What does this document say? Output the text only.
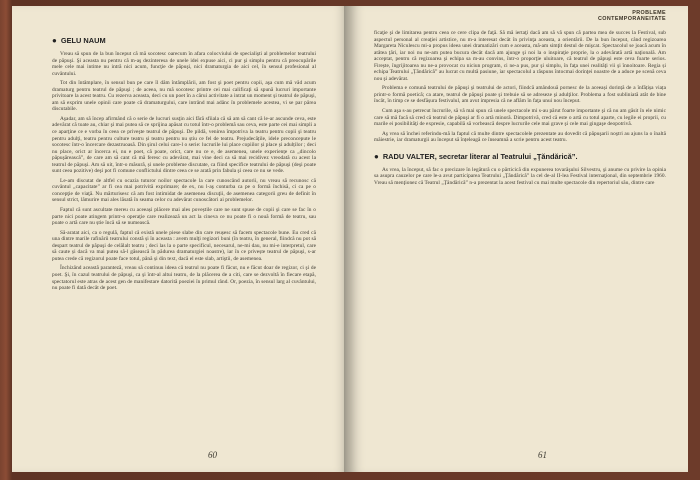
● GELU NAUM

Vreau să spun de la bun început că mă socotesc oarecum în afara colocviului de specialişti al problemelor teatrului de păpuşi. Şi aceasta nu pentru că m-aş dezinteresa de unele idei expuse aici, ci pur şi simplu pentru că preocupările mele cele mai intime nu intră nici acum, funcţie de păpuşi, nici dramaturgia de aici cel, în sensul profesional al cuvântului.

Tot din întâmplare, în sensul bun pe care îl dăm întâmplării, am fost şi poet pentru copii, aşa cum mă văd acum dramaturg pentru teatrul de păpuşi ; de aceea, nu mă socotesc printre cei mai calificaţi să spună lucruri importante privitoare la acest teatru. Cu rezerva aceasta, deci cu un poet în a cărui activitate a intrat un moment şi teatrul de păpuşi, am să exprim unele opinii care poate că dramaturgului, care intrând mai adânc în problemele acestea, vi se par pârea discutabile.

Aşadar, am să încep afirmând că o serie de lucruri susţin aici fără sfiiala că să am să cant că le-ar ascunde ceva, este adevărat că toate au, chiar şi mai putea să ce sprijina apăsat cu totul într-o problemă sau ceva, este parte cei mai simpli a ce aparţine ce e vorba în ceea ce priveşte teatrul de păpuşi. De pildă, venirea împotriva la teatru pentru copii şi teatru pentru adulţi, teatru pentru culture teatru și teatru pentru nu știu ce fel de teatru. Prejudecățile, idele preconcepute le socotesc într-o încercare dezastruoasă. Din şirul celui care-l o serie: lucrurile lui place copiilor și place și adulților ; deci nu place, orict ar încerca ei, nu e poet, că poate, orict, care nu ce e, de asemenea, unele experiențe ca „dincolo păpuşărească”, de care am să cant că mă feresc cu adevărat, mai vine deci ca să mai recidivez vreodată cu acest la teatrul de păpuşi. Am să uit, într-o măsură, și unele probleme discutate, ca fiind specifice teatrului de păpuşi (deşi poate sunt ceea pozitive) deşi pot fi comune conflictului dintre ceea ce se arată prin fabula şi ceea ce nu se vede.

Le-am discutat de altfel cu ocazia tuturor noilor spectacole la care cunoscând autorii, nu vreau să recunosc că cuvântul „capacitate” ar fi cea mai potrivită exprimare; de ex, nu l-aş conturba ca pe o formă închisă, ci ca pe o concepţie de viaţă. Nu mărturisesc că am fost intimidat de asemenea discuţii, de asemenea categorii greu de definit în sensul strict, lămurire mai ales lăsată în seama celor cu adevărat cunoscători ai problemelor.

Faptul că sunt ascultate mereu cu aceeași plăcere mai ales poveștile care ne sunt spuse de copii şi care se fac în o parte nici poate atingem printr-o operaţie care realizează un act la cineva ce nu poate fi o nouă formă de teatru, sau poate o artă care nu știe încă să se numească.

Să-aratat aici, ca o regulă, faptul că există unele piese slabe din care reușesc să facem spectacole bune. Eu cred că una dintre marile rafinării teatrului constă și în aceasta : avem mulţi regizori buni (în teatru, în general, fiindcă nu pot să despart teatrul de păpuşi de celălalt teatru ; deci las la o parte specificul, necesarul, ne-mi dau, nu mi-e interpretul, care să caute și dacă va mai putea să-l găsească în pădurea dramaturgiei noastre), iar în ce privește teatrul de păpuşi, s-ar putea crede că regizorul poate face totul, până și din text, dacă el este slab, artiştii, de asemenea.

Închizând această paranteză, vreau să continuu ideea că teatrul nu poate fi făcut, nu e făcut doar de regizor, ci şi de poet. Şi, în cazul teatrului de păpuşi, ca şi într-al altui teatru, de la plăcerea de a citi, care se dezvoltă în fiecare etapă, spectatorul este atras de acest gen de manifestare datorită poeziei în primul rând. Or, poezia, în sensul larg al cuvântului, nu poate fi dată decât de poet.

60
PROBLEME
CONTEMPORANEITATE

ficaţie şi de limitarea pentru ceea ce cere clipa de faţă. Să mă iertaţi dacă am să vă spun că partea mea de succes la Festival, sub aspectul personal al creaţiei artistice, nu m-a interesat decât în privinţa aceasta, a orientării. De la bun început, când regizoarea Margareta Niculescu mi-a propus ideea unei dramatizări cum e aceasta, mă-am simţit destul de mişcat. Spectacolul se joacă acum în atâtea ţări, iar noi nu ne-am putea bucura decât dacă am ajunge şi noi la o inspiraţie proprie, la o adevărată artă naţională. Am acceptat, pentru că regizoarea şi echipa sa m-au convins, într-o proporţie uluitoare, că teatrul de păpuşi este ceva foarte serios. Firește, îngrijitoarea nu ne-a provocat cu niciun program, ci ne-a pus, pur şi simplu, în faţa unei realităţi vii şi înnoitoare. Regia și echipa Teatrului „Țăndărică” au lucrat cu multă pasiune, iar spectacolul a răspuns întocmai dorinţei noastre de a aduce pe scenă ceva nou şi adevărat.

Problema e comună teatrului de păpuşi şi teatrului de actori, fiindcă amândouă pornesc de la aceeași dorință de a înfățișa viața printr-o formă poetică; ca atare, teatrul de păpuşi poate şi trebuie să se adreseze şi adulţilor. Problema a fost subliniată atât de bine încât, în timp ce se desfășura festivalul, am avut impresia că ne aflăm în faţa unui nou început.

Cum aşa s-au petrecut lucrurile, să vă mai spun că unele spectacole mi s-au părut foarte importante şi că nu am găsit în ele nimic care să mă facă să cred că teatrul de păpuşi ar fi o artă minoră. Dimpotrivă, cred că este o artă cu totul aparte, cu legile ei proprii, cu marile ei posibilităţi de expresie, capabilă să vorbească despre lucrurile cele mai grave şi cele mai gingaşe deopotrivă.

Aş vrea să închei referindu-mă la faptul că multe dintre spectacolele prezentate au dovedit că păpuşarii noştri au ajuns la o înaltă măiestrie, iar dramaturgii au început să înțeleagă ce înseamnă a scrie pentru acest teatru.

● RADU VALTER, secretar literar al Teatrului „Ţăndărică”.

As vrea, la început, să fac o precizare în legătură cu o părticică din expunerea tovarăşului Silvestru, şi anume cu privire la opinia sa asupra cauzelor pe care le-a avut participarea Teatrului „Ţăndărică” la cel de-al II-lea Festival internaţional, din septembrie 1960. Vreau să menţionez că Teatrul „Ţăndărică” n-a prezentat la acest festival cu mai multe spectacole din repertoriul său, dintre care

61
